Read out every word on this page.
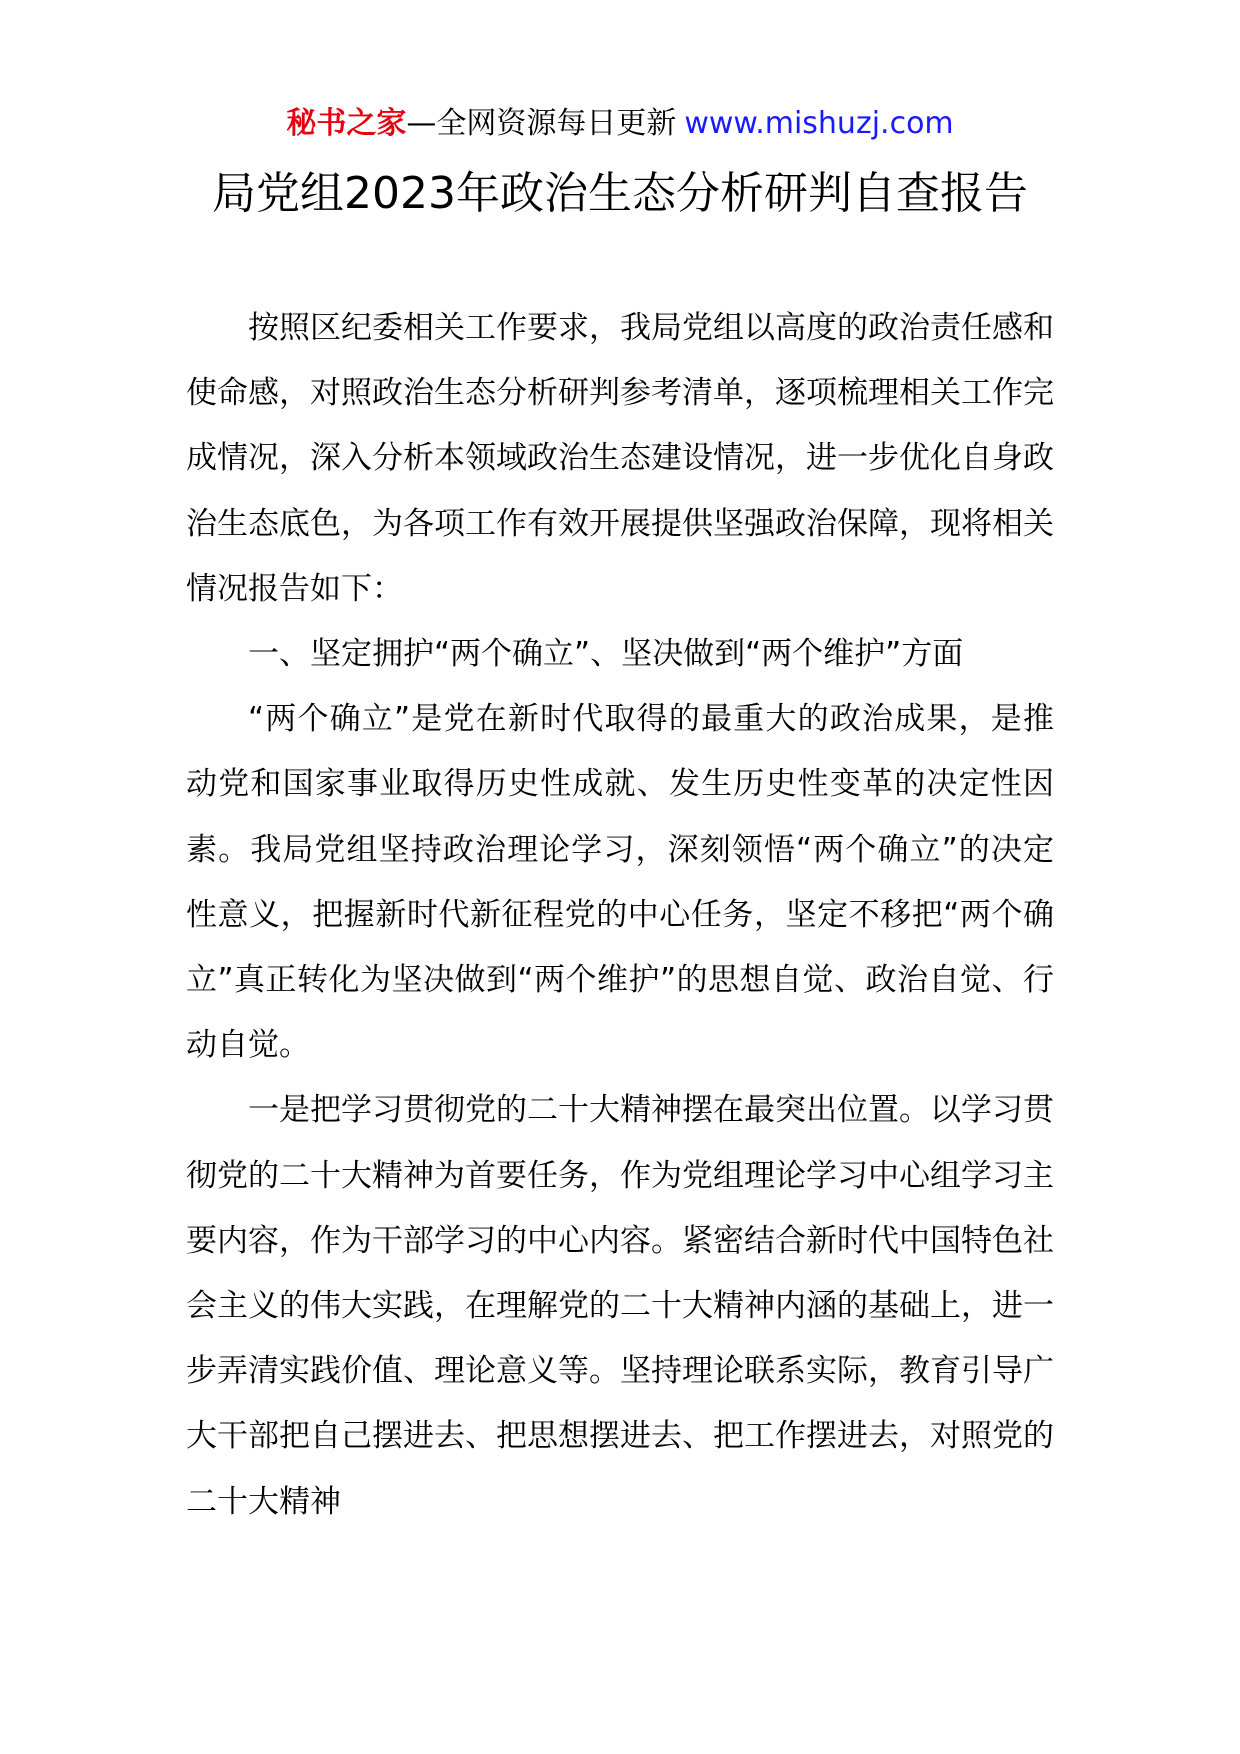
秘书之家—全网资源每日更新 www.mishuzj.com
局党组2023年政治生态分析研判自查报告

按照区纪委相关工作要求，我局党组以高度的政治责任感和使命感，对照政治生态分析研判参考清单，逐项梳理相关工作完成情况，深入分析本领域政治生态建设情况，进一步优化自身政治生态底色，为各项工作有效开展提供坚强政治保障，现将相关情况报告如下：

一、坚定拥护“两个确立”、坚决做到“两个维护”方面

“两个确立”是党在新时代取得的最重大的政治成果，是推动党和国家事业取得历史性成就、发生历史性变革的决定性因素。我局党组坚持政治理论学习，深刻领悟“两个确立”的决定性意义，把握新时代新征程党的中心任务，坚定不移把“两个确立”真正转化为坚决做到“两个维护”的思想自觉、政治自觉、行动自觉。

一是把学习贯彻党的二十大精神摆在最突出位置。以学习贯彻党的二十大精神为首要任务，作为党组理论学习中心组学习主要内容，作为干部学习的中心内容。紧密结合新时代中国特色社会主义的伟大实践，在理解党的二十大精神内涵的基础上，进一步弄清实践价值、理论意义等。坚持理论联系实际，教育引导广大干部把自己摆进去、把思想摆进去、把工作摆进去，对照党的二十大精神
